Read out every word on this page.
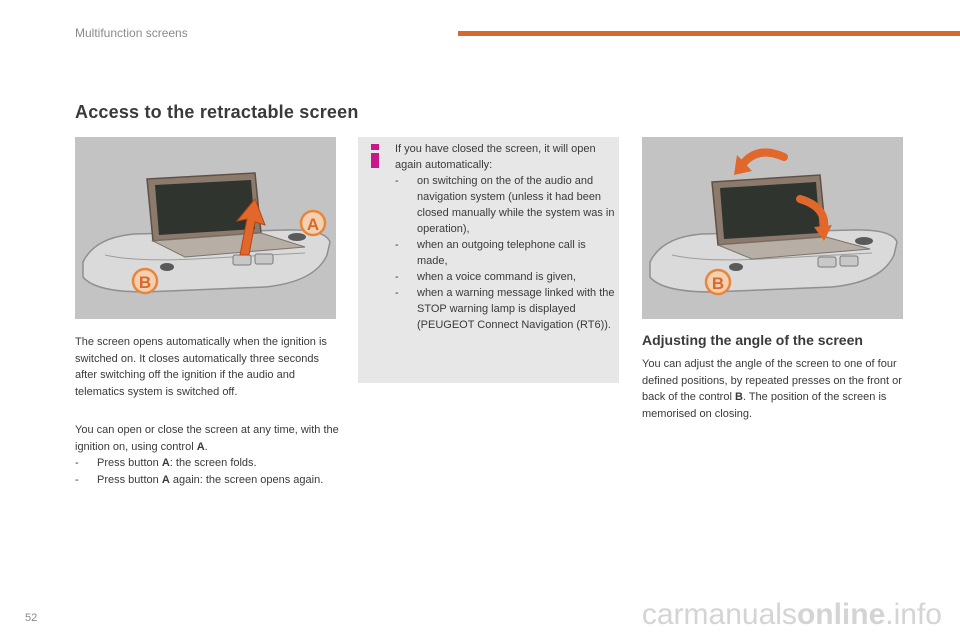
Multifunction screens
Access to the retractable screen
A
B

If you have closed the screen, it will open again automatically:

-	on switching on the of the audio and navigation system (unless it had been closed manually while the system was in operation),
-	when an outgoing telephone call is made,
-	when a voice command is given,
-	when a warning message linked with the STOP warning lamp is displayed (PEUGEOT Connect Navigation (RT6)).
B

The screen opens automatically when the ignition is switched on. It closes automatically three seconds after switching off the ignition if the audio and telematics system is switched off.

You can open or close the screen at any time, with the ignition on, using control A.

-	Press button A: the screen folds.
-	Press button A again: the screen opens again.
Adjusting the angle of the screen

You can adjust the angle of the screen to one of four defined positions, by repeated presses on the front or back of the control B. The position of the screen is memorised on closing.

52	carmanualsonline.info
